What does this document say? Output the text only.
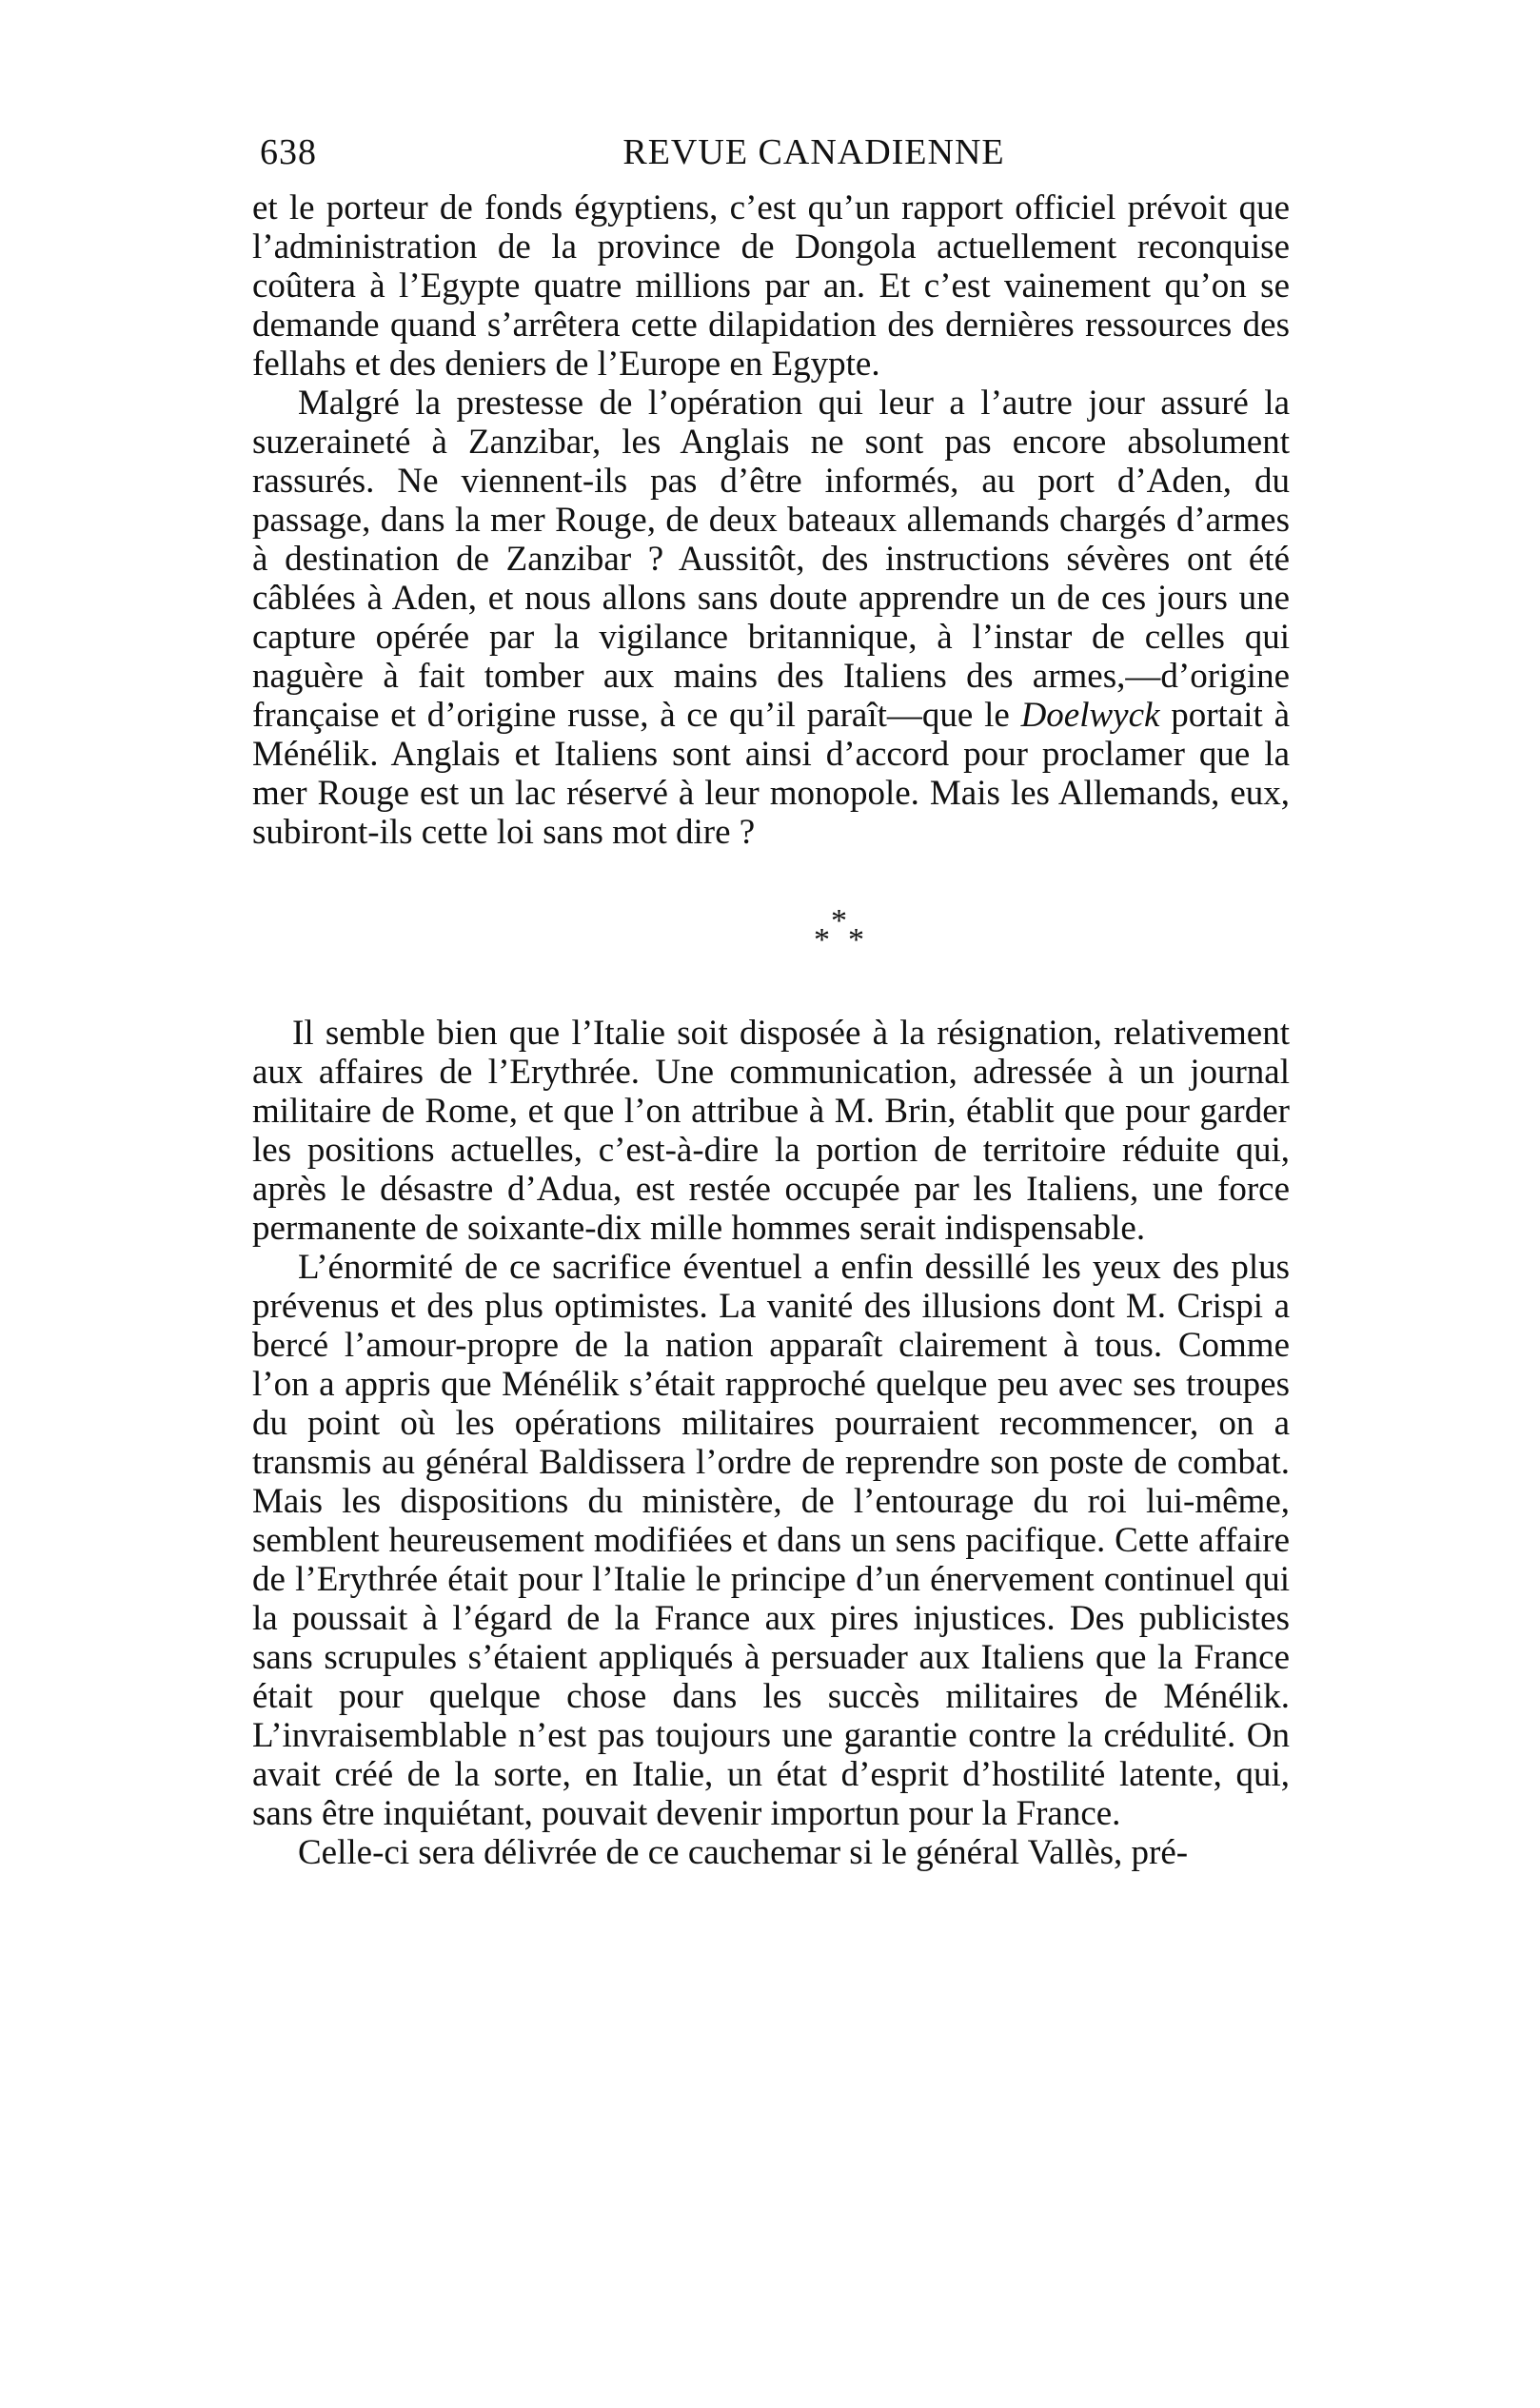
638	REVUE CANADIENNE

et le porteur de fonds égyptiens, c’est qu’un rapport officiel prévoit que l’administration de la province de Dongola actuellement reconquise coûtera à l’Egypte quatre millions par an. Et c’est vainement qu’on se demande quand s’arrêtera cette dilapidation des dernières ressources des fellahs et des deniers de l’Europe en Egypte.

Malgré la prestesse de l’opération qui leur a l’autre jour assuré la suzeraineté à Zanzibar, les Anglais ne sont pas encore absolument rassurés. Ne viennent-ils pas d’être informés, au port d’Aden, du passage, dans la mer Rouge, de deux bateaux allemands chargés d’armes à destination de Zanzibar ? Aussitôt, des instructions sévères ont été câblées à Aden, et nous allons sans doute apprendre un de ces jours une capture opérée par la vigilance britannique, à l’instar de celles qui naguère à fait tomber aux mains des Italiens des armes,—d’origine française et d’origine russe, à ce qu’il paraît—que le Doelwyck portait à Ménélik. Anglais et Italiens sont ainsi d’accord pour proclamer que la mer Rouge est un lac réservé à leur monopole. Mais les Allemands, eux, subiront-ils cette loi sans mot dire ?

*
* *

Il semble bien que l’Italie soit disposée à la résignation, relativement aux affaires de l’Erythrée. Une communication, adressée à un journal militaire de Rome, et que l’on attribue à M. Brin, établit que pour garder les positions actuelles, c’est-à-dire la portion de territoire réduite qui, après le désastre d’Adua, est restée occupée par les Italiens, une force permanente de soixante-dix mille hommes serait indispensable.

L’énormité de ce sacrifice éventuel a enfin dessillé les yeux des plus prévenus et des plus optimistes. La vanité des illusions dont M. Crispi a bercé l’amour-propre de la nation apparaît clairement à tous. Comme l’on a appris que Ménélik s’était rapproché quelque peu avec ses troupes du point où les opérations militaires pourraient recommencer, on a transmis au général Baldissera l’ordre de reprendre son poste de combat. Mais les dispositions du ministère, de l’entourage du roi lui-même, semblent heureusement modifiées et dans un sens pacifique. Cette affaire de l’Erythrée était pour l’Italie le principe d’un énervement continuel qui la poussait à l’égard de la France aux pires injustices. Des publicistes sans scrupules s’étaient appliqués à persuader aux Italiens que la France était pour quelque chose dans les succès militaires de Ménélik. L’invraisemblable n’est pas toujours une garantie contre la crédulité. On avait créé de la sorte, en Italie, un état d’esprit d’hostilité latente, qui, sans être inquiétant, pouvait devenir importun pour la France.

Celle-ci sera délivrée de ce cauchemar si le général Vallès, pré-
